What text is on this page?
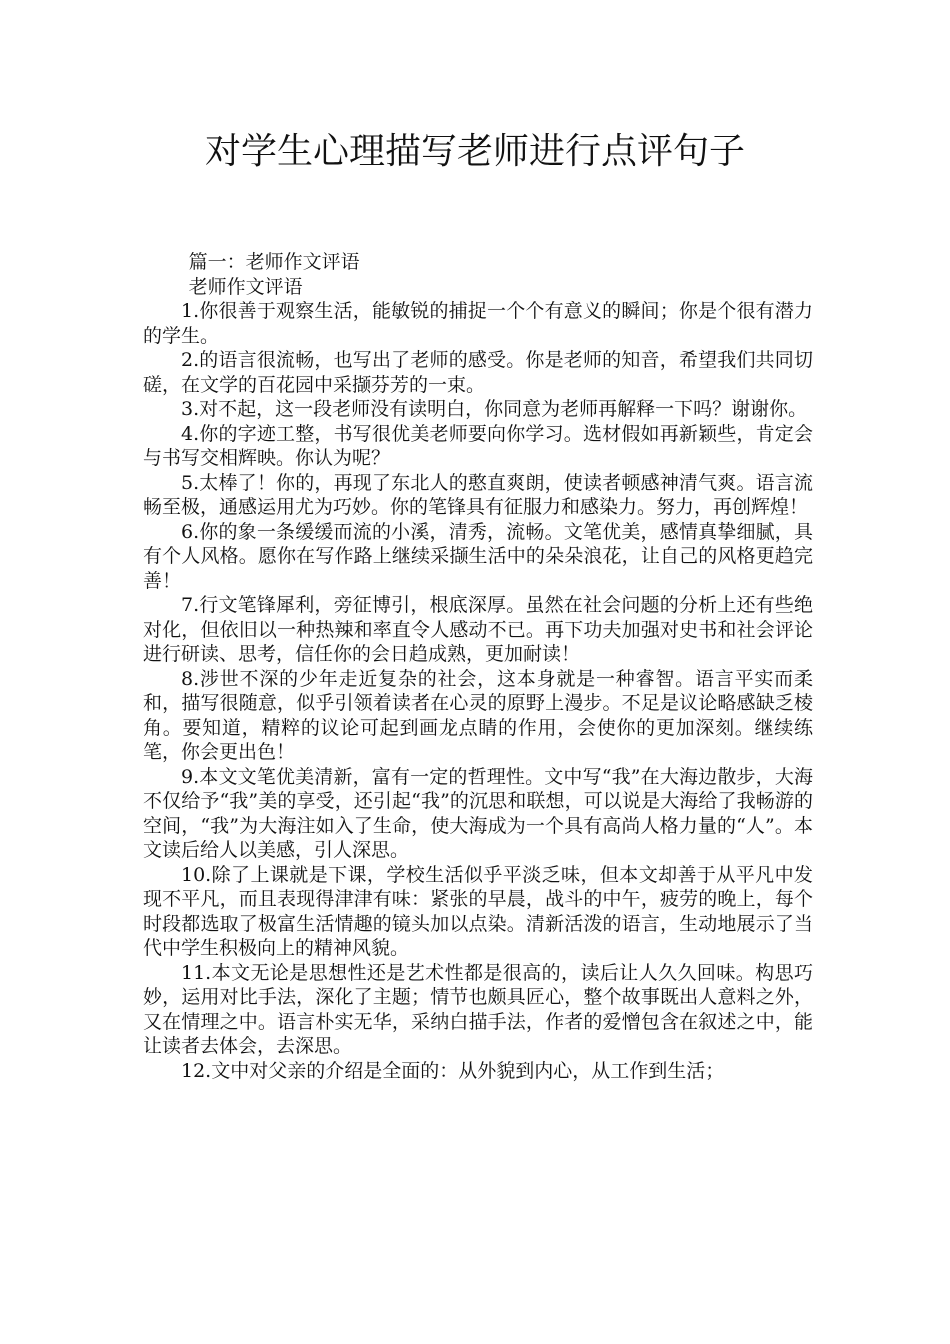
对学生心理描写老师进行点评句子

篇一：老师作文评语

老师作文评语

1.你很善于观察生活，能敏锐的捕捉一个个有意义的瞬间；你是个很有潜力的学生。

2.的语言很流畅，也写出了老师的感受。你是老师的知音，希望我们共同切磋，在文学的百花园中采撷芬芳的一束。

3.对不起，这一段老师没有读明白，你同意为老师再解释一下吗？谢谢你。

4.你的字迹工整，书写很优美老师要向你学习。选材假如再新颖些，肯定会与书写交相辉映。你认为呢？

5.太棒了！你的，再现了东北人的憨直爽朗，使读者顿感神清气爽。语言流畅至极，通感运用尤为巧妙。你的笔锋具有征服力和感染力。努力，再创辉煌！

6.你的象一条缓缓而流的小溪，清秀，流畅。文笔优美，感情真挚细腻，具有个人风格。愿你在写作路上继续采撷生活中的朵朵浪花，让自己的风格更趋完善！

7.行文笔锋犀利，旁征博引，根底深厚。虽然在社会问题的分析上还有些绝对化，但依旧以一种热辣和率直令人感动不已。再下功夫加强对史书和社会评论进行研读、思考，信任你的会日趋成熟，更加耐读！

8.涉世不深的少年走近复杂的社会，这本身就是一种睿智。语言平实而柔和，描写很随意，似乎引领着读者在心灵的原野上漫步。不足是议论略感缺乏棱角。要知道，精粹的议论可起到画龙点睛的作用，会使你的更加深刻。继续练笔，你会更出色！

9.本文文笔优美清新，富有一定的哲理性。文中写“我”在大海边散步，大海不仅给予“我”美的享受，还引起“我”的沉思和联想，可以说是大海给了我畅游的空间，“我”为大海注如入了生命，使大海成为一个具有高尚人格力量的“人”。本文读后给人以美感，引人深思。

10.除了上课就是下课，学校生活似乎平淡乏味，但本文却善于从平凡中发现不平凡，而且表现得津津有味：紧张的早晨，战斗的中午，疲劳的晚上，每个时段都选取了极富生活情趣的镜头加以点染。清新活泼的语言，生动地展示了当代中学生积极向上的精神风貌。

11.本文无论是思想性还是艺术性都是很高的，读后让人久久回味。构思巧妙，运用对比手法，深化了主题；情节也颇具匠心，整个故事既出人意料之外，又在情理之中。语言朴实无华，采纳白描手法，作者的爱憎包含在叙述之中，能让读者去体会，去深思。

12.文中对父亲的介绍是全面的：从外貌到内心，从工作到生活；
